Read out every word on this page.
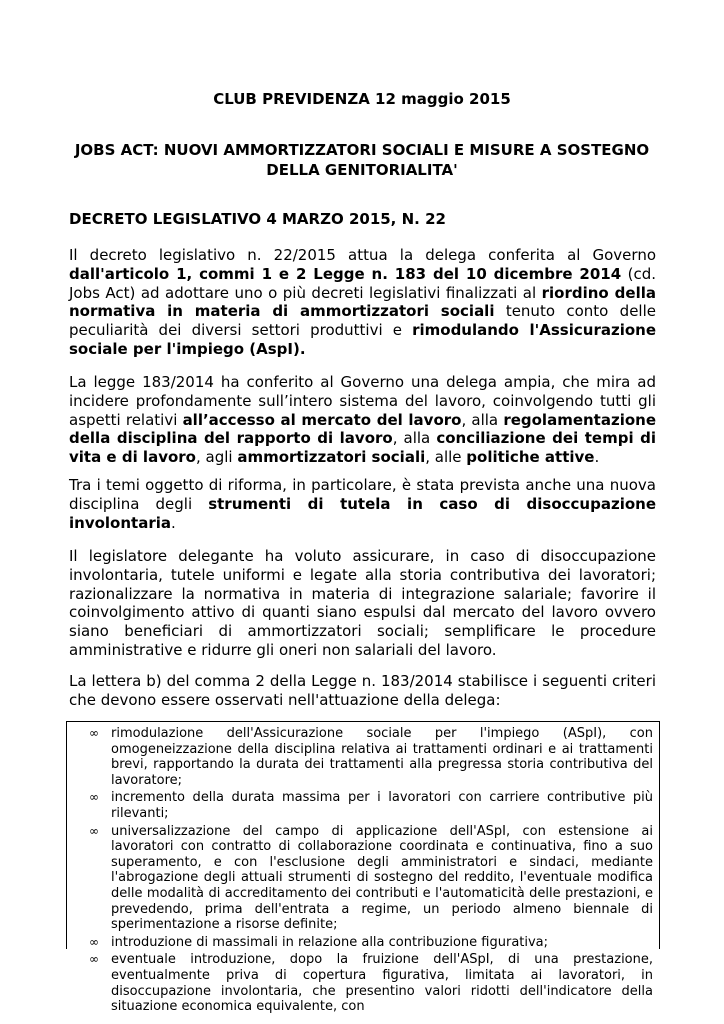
CLUB PREVIDENZA 12 maggio 2015
JOBS ACT: NUOVI AMMORTIZZATORI SOCIALI E MISURE A SOSTEGNO
DELLA GENITORIALITA'
DECRETO LEGISLATIVO 4 MARZO 2015, N. 22

Il decreto legislativo n. 22/2015 attua la delega conferita al Governo dall'articolo 1, commi 1 e 2 Legge n. 183 del 10 dicembre 2014 (cd. Jobs Act) ad adottare uno o più decreti legislativi finalizzati al riordino della normativa in materia di ammortizzatori sociali tenuto conto delle peculiarità dei diversi settori produttivi e rimodulando l'Assicurazione sociale per l'impiego (AspI).

La legge 183/2014 ha conferito al Governo una delega ampia, che mira ad incidere profondamente sull’intero sistema del lavoro, coinvolgendo tutti gli aspetti relativi all’accesso al mercato del lavoro, alla regolamentazione della disciplina del rapporto di lavoro, alla conciliazione dei tempi di vita e di lavoro, agli ammortizzatori sociali, alle politiche attive.

Tra i temi oggetto di riforma, in particolare, è stata prevista anche una nuova disciplina degli strumenti di tutela in caso di disoccupazione involontaria.

Il legislatore delegante ha voluto assicurare, in caso di disoccupazione involontaria, tutele uniformi e legate alla storia contributiva dei lavoratori; razionalizzare la normativa in materia di integrazione salariale; favorire il coinvolgimento attivo di quanti siano espulsi dal mercato del lavoro ovvero siano beneficiari di ammortizzatori sociali; semplificare le procedure amministrative e ridurre gli oneri non salariali del lavoro.

La lettera b) del comma 2 della Legge n. 183/2014 stabilisce i seguenti criteri che devono essere osservati nell'attuazione della delega:

∞ rimodulazione dell'Assicurazione sociale per l'impiego (ASpI), con omogeneizzazione della disciplina relativa ai trattamenti ordinari e ai trattamenti brevi, rapportando la durata dei trattamenti alla pregressa storia contributiva del lavoratore;
∞ incremento della durata massima per i lavoratori con carriere contributive più rilevanti;
∞ universalizzazione del campo di applicazione dell'ASpI, con estensione ai lavoratori con contratto di collaborazione coordinata e continuativa, fino a suo superamento, e con l'esclusione degli amministratori e sindaci, mediante l'abrogazione degli attuali strumenti di sostegno del reddito, l'eventuale modifica delle modalità di accreditamento dei contributi e l'automaticità delle prestazioni, e prevedendo, prima dell'entrata a regime, un periodo almeno biennale di sperimentazione a risorse definite;
∞ introduzione di massimali in relazione alla contribuzione figurativa;
∞ eventuale introduzione, dopo la fruizione dell'ASpI, di una prestazione, eventualmente priva di copertura figurativa, limitata ai lavoratori, in disoccupazione involontaria, che presentino valori ridotti dell'indicatore della situazione economica equivalente, con
